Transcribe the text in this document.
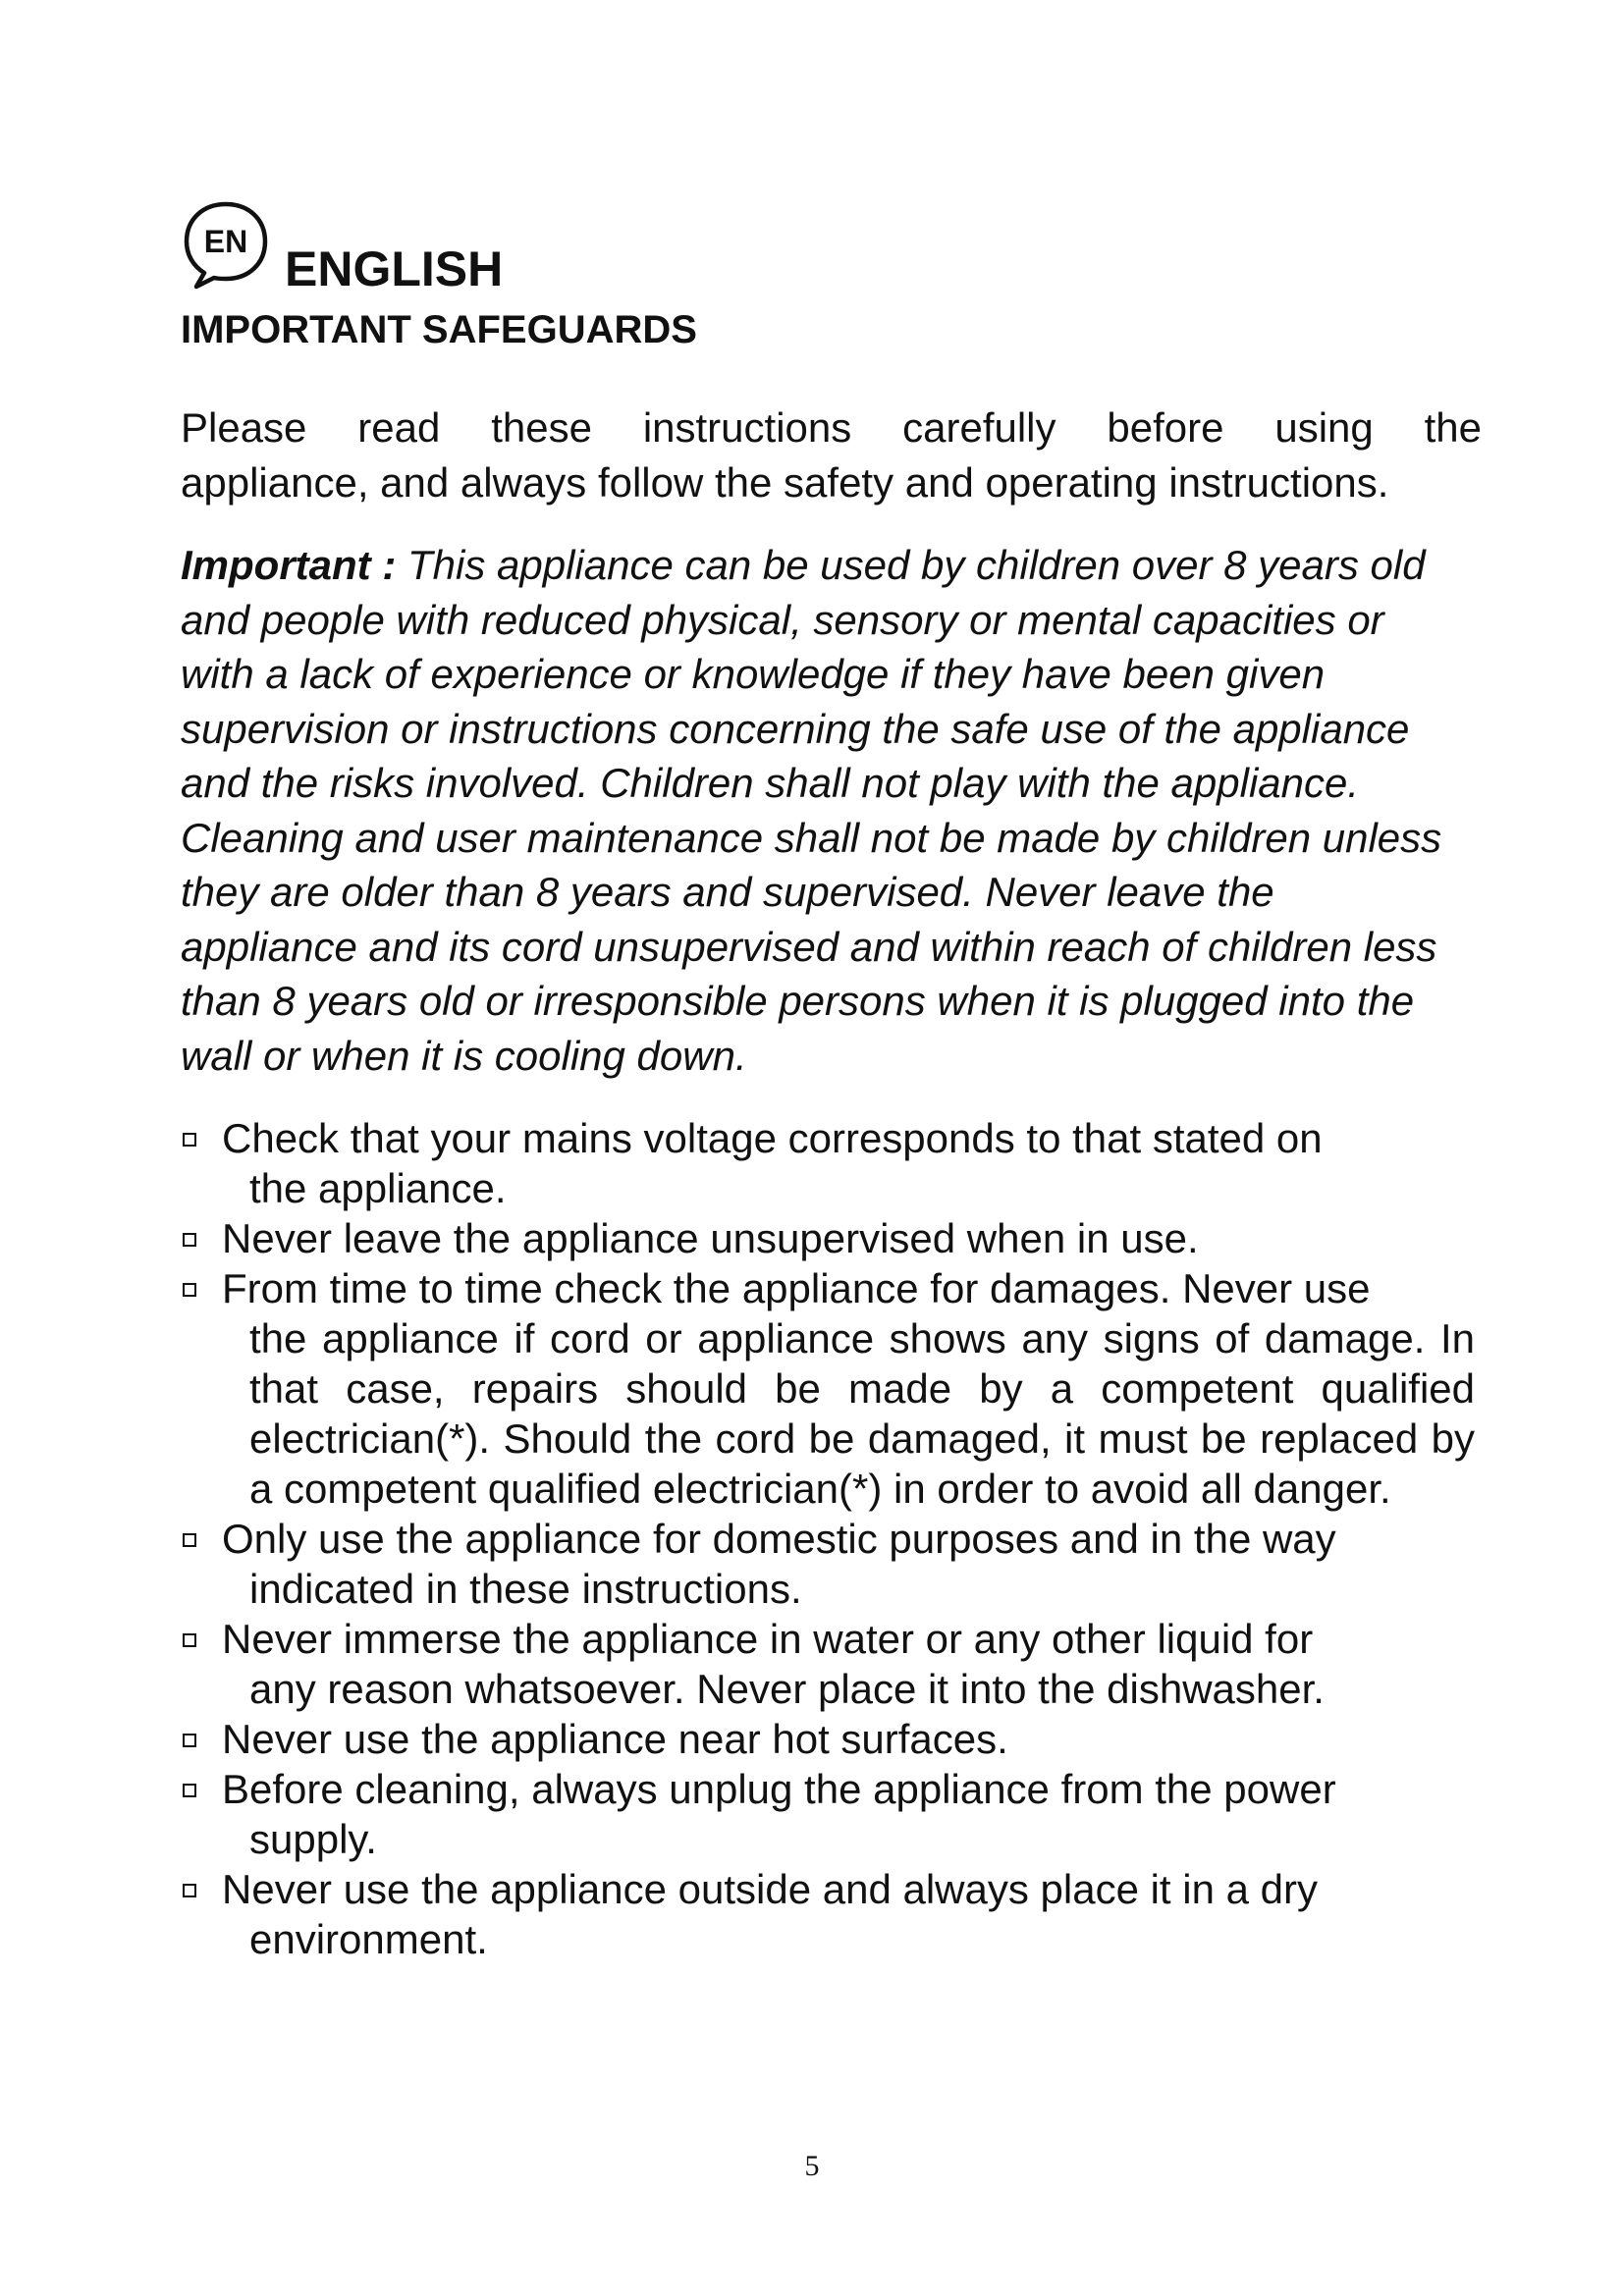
EN ENGLISH
IMPORTANT SAFEGUARDS
Please read these instructions carefully before using the
appliance, and always follow the safety and operating instructions.
Important : This appliance can be used by children over 8 years old and people with reduced physical, sensory or mental capacities or with a lack of experience or knowledge if they have been given supervision or instructions concerning the safe use of the appliance and the risks involved. Children shall not play with the appliance. Cleaning and user maintenance shall not be made by children unless they are older than 8 years and supervised. Never leave the appliance and its cord unsupervised and within reach of children less than 8 years old or irresponsible persons when it is plugged into the wall or when it is cooling down.
Check that your mains voltage corresponds to that stated on
the appliance.
Never leave the appliance unsupervised when in use.
From time to time check the appliance for damages. Never use
the appliance if cord or appliance shows any signs of damage. In that case, repairs should be made by a competent qualified electrician(*). Should the cord be damaged, it must be replaced by a competent qualified electrician(*) in order to avoid all danger.
Only use the appliance for domestic purposes and in the way
indicated in these instructions.
Never immerse the appliance in water or any other liquid for
any reason whatsoever. Never place it into the dishwasher.
Never use the appliance near hot surfaces.
Before cleaning, always unplug the appliance from the power
supply.
Never use the appliance outside and always place it in a dry
environment.
5
